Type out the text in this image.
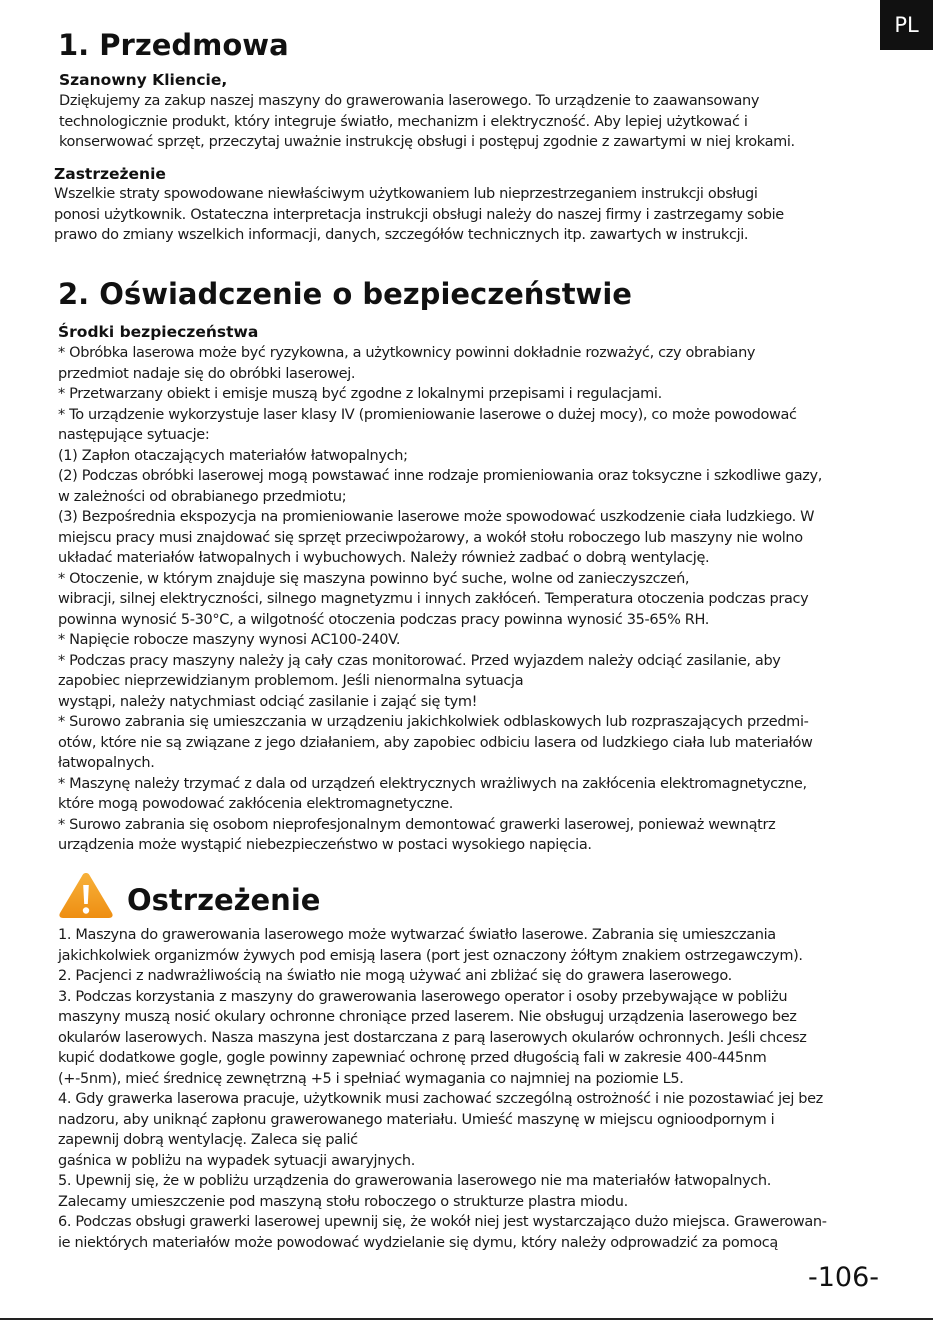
PL
1. Przedmowa
Szanowny Kliencie,
Dziękujemy za zakup naszej maszyny do grawerowania laserowego. To urządzenie to zaawansowany
technologicznie produkt, który integruje światło, mechanizm i elektryczność. Aby lepiej użytkować i
konserwować sprzęt, przeczytaj uważnie instrukcję obsługi i postępuj zgodnie z zawartymi w niej krokami.
Zastrzeżenie
Wszelkie straty spowodowane niewłaściwym użytkowaniem lub nieprzestrzeganiem instrukcji obsługi
ponosi użytkownik. Ostateczna interpretacja instrukcji obsługi należy do naszej firmy i zastrzegamy sobie
prawo do zmiany wszelkich informacji, danych, szczegółów technicznych itp. zawartych w instrukcji.
2. Oświadczenie o bezpieczeństwie
Środki bezpieczeństwa
* Obróbka laserowa może być ryzykowna, a użytkownicy powinni dokładnie rozważyć, czy obrabiany
przedmiot nadaje się do obróbki laserowej.
* Przetwarzany obiekt i emisje muszą być zgodne z lokalnymi przepisami i regulacjami.
* To urządzenie wykorzystuje laser klasy IV (promieniowanie laserowe o dużej mocy), co może powodować
następujące sytuacje:
(1) Zapłon otaczających materiałów łatwopalnych;
(2) Podczas obróbki laserowej mogą powstawać inne rodzaje promieniowania oraz toksyczne i szkodliwe gazy,
w zależności od obrabianego przedmiotu;
(3) Bezpośrednia ekspozycja na promieniowanie laserowe może spowodować uszkodzenie ciała ludzkiego. W
miejscu pracy musi znajdować się sprzęt przeciwpożarowy, a wokół stołu roboczego lub maszyny nie wolno
układać materiałów łatwopalnych i wybuchowych. Należy również zadbać o dobrą wentylację.
* Otoczenie, w którym znajduje się maszyna powinno być suche, wolne od zanieczyszczeń,
wibracji, silnej elektryczności, silnego magnetyzmu i innych zakłóceń. Temperatura otoczenia podczas pracy
powinna wynosić 5-30°C, a wilgotność otoczenia podczas pracy powinna wynosić 35-65% RH.
* Napięcie robocze maszyny wynosi AC100-240V.
* Podczas pracy maszyny należy ją cały czas monitorować. Przed wyjazdem należy odciąć zasilanie, aby
zapobiec nieprzewidzianym problemom. Jeśli nienormalna sytuacja
wystąpi, należy natychmiast odciąć zasilanie i zająć się tym!
* Surowo zabrania się umieszczania w urządzeniu jakichkolwiek odblaskowych lub rozpraszających przedmi-
otów, które nie są związane z jego działaniem, aby zapobiec odbiciu lasera od ludzkiego ciała lub materiałów
łatwopalnych.
* Maszynę należy trzymać z dala od urządzeń elektrycznych wrażliwych na zakłócenia elektromagnetyczne,
które mogą powodować zakłócenia elektromagnetyczne.
* Surowo zabrania się osobom nieprofesjonalnym demontować grawerki laserowej, ponieważ wewnątrz
urządzenia może wystąpić niebezpieczeństwo w postaci wysokiego napięcia.
Ostrzeżenie
1. Maszyna do grawerowania laserowego może wytwarzać światło laserowe. Zabrania się umieszczania
jakichkolwiek organizmów żywych pod emisją lasera (port jest oznaczony żółtym znakiem ostrzegawczym).
2. Pacjenci z nadwrażliwością na światło nie mogą używać ani zbliżać się do grawera laserowego.
3. Podczas korzystania z maszyny do grawerowania laserowego operator i osoby przebywające w pobliżu
maszyny muszą nosić okulary ochronne chroniące przed laserem. Nie obsługuj urządzenia laserowego bez
okularów laserowych. Nasza maszyna jest dostarczana z parą laserowych okularów ochronnych. Jeśli chcesz
kupić dodatkowe gogle, gogle powinny zapewniać ochronę przed długością fali w zakresie 400-445nm
(+-5nm), mieć średnicę zewnętrzną +5 i spełniać wymagania co najmniej na poziomie L5.
4. Gdy grawerka laserowa pracuje, użytkownik musi zachować szczególną ostrożność i nie pozostawiać jej bez
nadzoru, aby uniknąć zapłonu grawerowanego materiału. Umieść maszynę w miejscu ognioodpornym i
zapewnij dobrą wentylację. Zaleca się palić
gaśnica w pobliżu na wypadek sytuacji awaryjnych.
5. Upewnij się, że w pobliżu urządzenia do grawerowania laserowego nie ma materiałów łatwopalnych.
Zalecamy umieszczenie pod maszyną stołu roboczego o strukturze plastra miodu.
6. Podczas obsługi grawerki laserowej upewnij się, że wokół niej jest wystarczająco dużo miejsca. Grawerowan-
ie niektórych materiałów może powodować wydzielanie się dymu, który należy odprowadzić za pomocą
-106-
